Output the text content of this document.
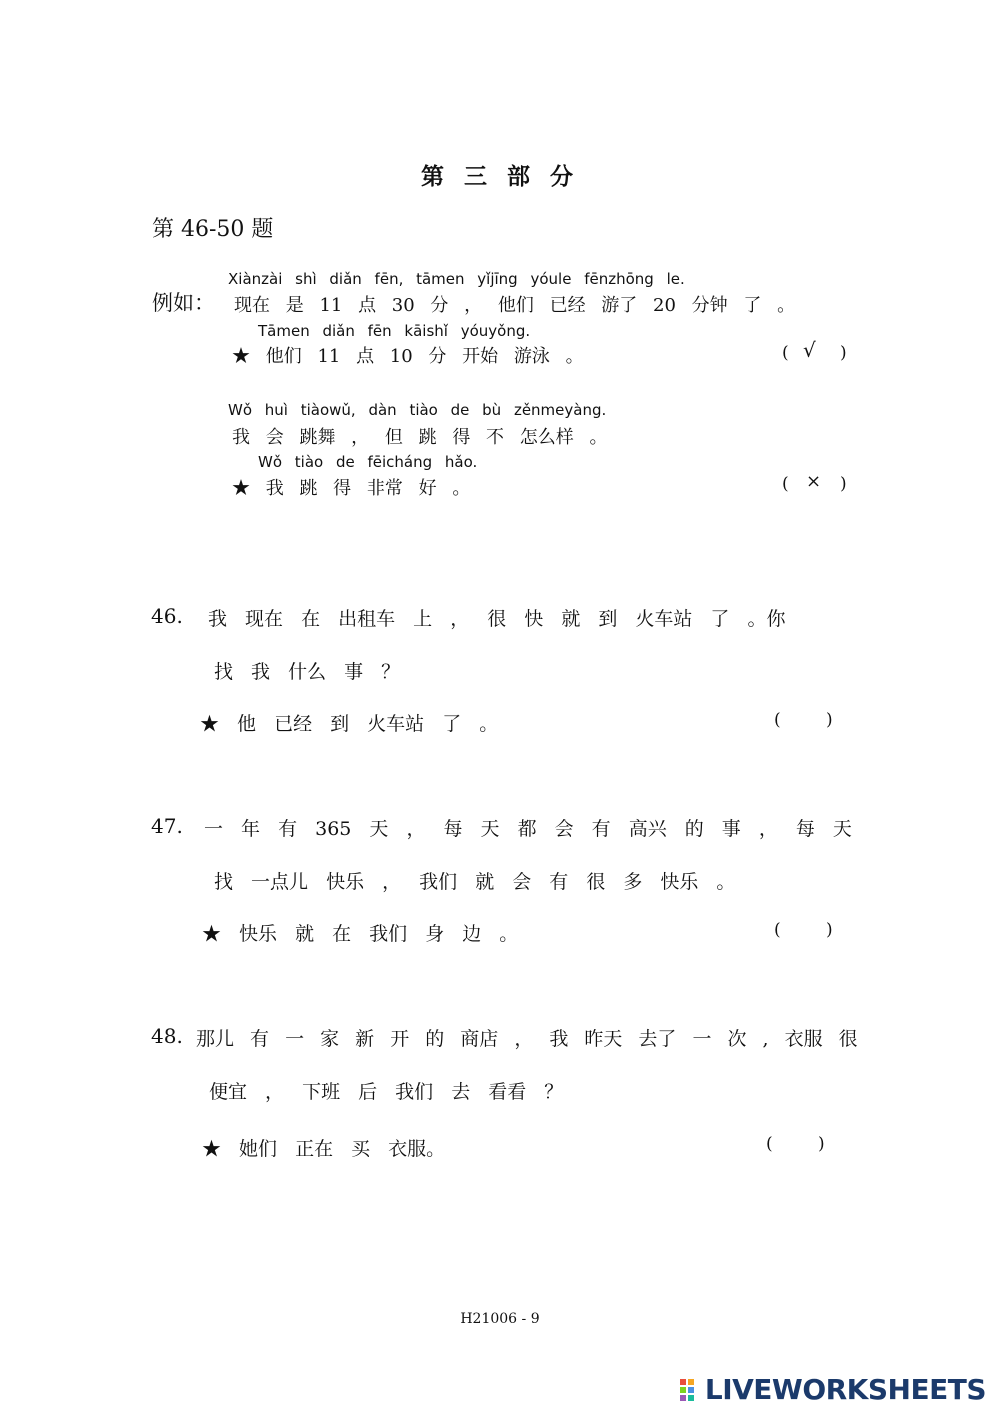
第 三 部 分
第 46-50 题
例如：
Xiànzài shì diǎn fēn, tāmen yǐjīng yóule fēnzhōng le.
现在 是 11 点 30 分 ， 他们 已经 游了 20 分钟 了 。
Tāmen diǎn fēn kāishǐ yóuyǒng.
★ 他们 11 点 10 分 开始 游泳 。	( √ )
Wǒ huì tiàowǔ, dàn tiào de bù zěnmeyàng.
我 会 跳舞 ， 但 跳 得 不 怎么样 。
Wǒ tiào de fēicháng hǎo.
★ 我 跳 得 非常 好 。	( × )
46. 我 现在 在 出租车 上 ， 很 快 就 到 火车站 了 。你
找 我 什么 事 ？
★ 他 已经 到 火车站 了 。	( )
47. 一 年 有 365 天 ， 每 天 都 会 有 高兴 的 事 ， 每 天
找 一点儿 快乐 ， 我们 就 会 有 很 多 快乐 。
★ 快乐 就 在 我们 身 边 。	( )
48. 那儿 有 一 家 新 开 的 商店 ， 我 昨天 去了 一 次 , 衣服 很
便宜 ， 下班 后 我们 去 看看 ？
★ 她们 正在 买 衣服。	( )
H21006 - 9
LIVEWORKSHEETS
